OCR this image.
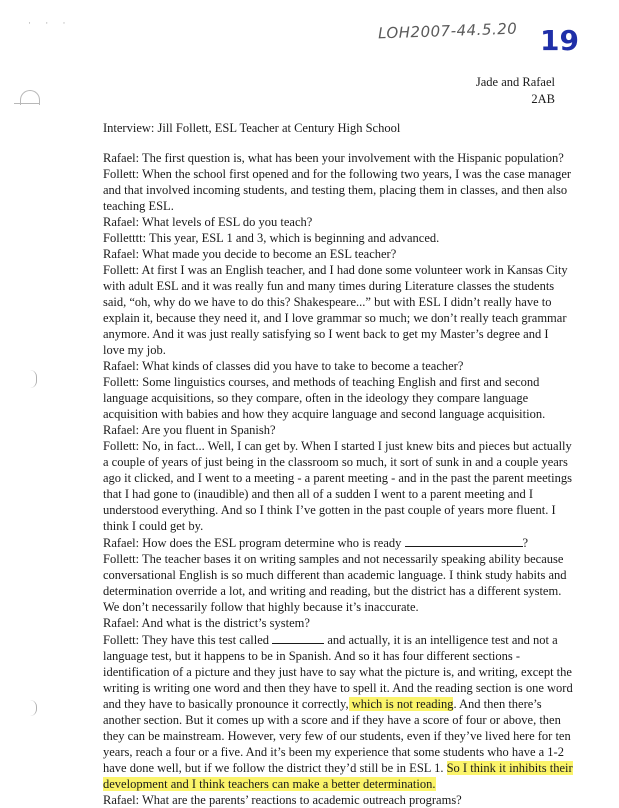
· · ·	LOH2007-44.5.20 19
Jade and Rafael
2AB
Interview: Jill Follett, ESL Teacher at Century High School

Rafael: The first question is, what has been your involvement with the Hispanic population?

Follett: When the school first opened and for the following two years, I was the case manager and that involved incoming students, and testing them, placing them in classes, and then also teaching ESL.

Rafael: What levels of ESL do you teach?

Folletttt: This year, ESL 1 and 3, which is beginning and advanced.

Rafael: What made you decide to become an ESL teacher?

Follett: At first I was an English teacher, and I had done some volunteer work in Kansas City with adult ESL and it was really fun and many times during Literature classes the students said, “oh, why do we have to do this? Shakespeare...” but with ESL I didn’t really have to explain it, because they need it, and I love grammar so much; we don’t really teach grammar anymore. And it was just really satisfying so I went back to get my Master’s degree and I love my job.

Rafael: What kinds of classes did you have to take to become a teacher?

Follett: Some linguistics courses, and methods of teaching English and first and second language acquisitions, so they compare, often in the ideology they compare language acquisition with babies and how they acquire language and second language acquisition.

Rafael: Are you fluent in Spanish?

Follett: No, in fact... Well, I can get by. When I started I just knew bits and pieces but actually a couple of years of just being in the classroom so much, it sort of sunk in and a couple years ago it clicked, and I went to a meeting - a parent meeting - and in the past the parent meetings that I had gone to (inaudible) and then all of a sudden I went to a parent meeting and I understood everything. And so I think I’ve gotten in the past couple of years more fluent. I think I could get by.

Rafael: How does the ESL program determine who is ready	?

Follett: The teacher bases it on writing samples and not necessarily speaking ability because conversational English is so much different than academic language. I think study habits and determination override a lot, and writing and reading, but the district has a different system. We don’t necessarily follow that highly because it’s inaccurate.

Rafael: And what is the district’s system?

Follett: They have this test called	and actually, it is an intelligence test and not a language test, but it happens to be in Spanish. And so it has four different sections - identification of a picture and they just have to say what the picture is, and writing, except the writing is writing one word and then they have to spell it. And the reading section is one word and they have to basically pronounce it correctly, which is not reading. And then there’s another section. But it comes up with a score and if they have a score of four or above, then they can be mainstream. However, very few of our students, even if they’ve lived here for ten years, reach a four or a five. And it’s been my experience that some students who have a 1-2 have done well, but if we follow the district they’d still be in ESL 1. So I think it inhibits their development and I think teachers can make a better determination.

Rafael: What are the parents’ reactions to academic outreach programs?
